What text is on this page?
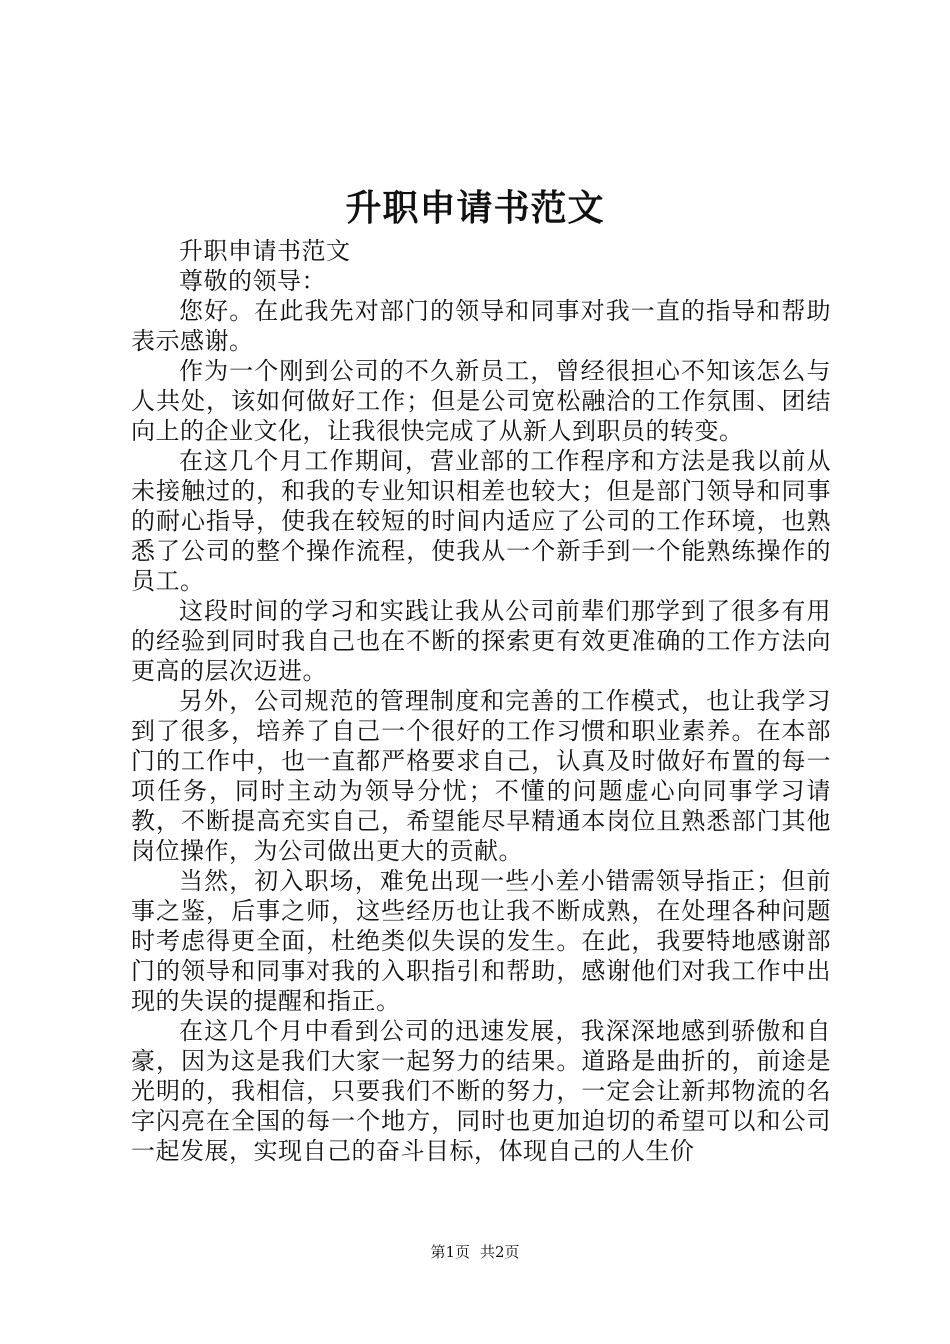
升职申请书范文

升职申请书范文

尊敬的领导：

您好。在此我先对部门的领导和同事对我一直的指导和帮助表示感谢。

作为一个刚到公司的不久新员工，曾经很担心不知该怎么与人共处，该如何做好工作；但是公司宽松融洽的工作氛围、团结向上的企业文化，让我很快完成了从新人到职员的转变。

在这几个月工作期间，营业部的工作程序和方法是我以前从未接触过的，和我的专业知识相差也较大；但是部门领导和同事的耐心指导，使我在较短的时间内适应了公司的工作环境，也熟悉了公司的整个操作流程，使我从一个新手到一个能熟练操作的员工。

这段时间的学习和实践让我从公司前辈们那学到了很多有用的经验到同时我自己也在不断的探索更有效更准确的工作方法向更高的层次迈进。

另外，公司规范的管理制度和完善的工作模式，也让我学习到了很多，培养了自己一个很好的工作习惯和职业素养。在本部门的工作中，也一直都严格要求自己，认真及时做好布置的每一项任务，同时主动为领导分忧；不懂的问题虚心向同事学习请教，不断提高充实自己，希望能尽早精通本岗位且熟悉部门其他岗位操作，为公司做出更大的贡献。

当然，初入职场，难免出现一些小差小错需领导指正；但前事之鉴，后事之师，这些经历也让我不断成熟，在处理各种问题时考虑得更全面，杜绝类似失误的发生。在此，我要特地感谢部门的领导和同事对我的入职指引和帮助，感谢他们对我工作中出现的失误的提醒和指正。

在这几个月中看到公司的迅速发展，我深深地感到骄傲和自豪，因为这是我们大家一起努力的结果。道路是曲折的，前途是光明的，我相信，只要我们不断的努力，一定会让新邦物流的名字闪亮在全国的每一个地方，同时也更加迫切的希望可以和公司一起发展，实现自己的奋斗目标，体现自己的人生价

第1页 共2页
